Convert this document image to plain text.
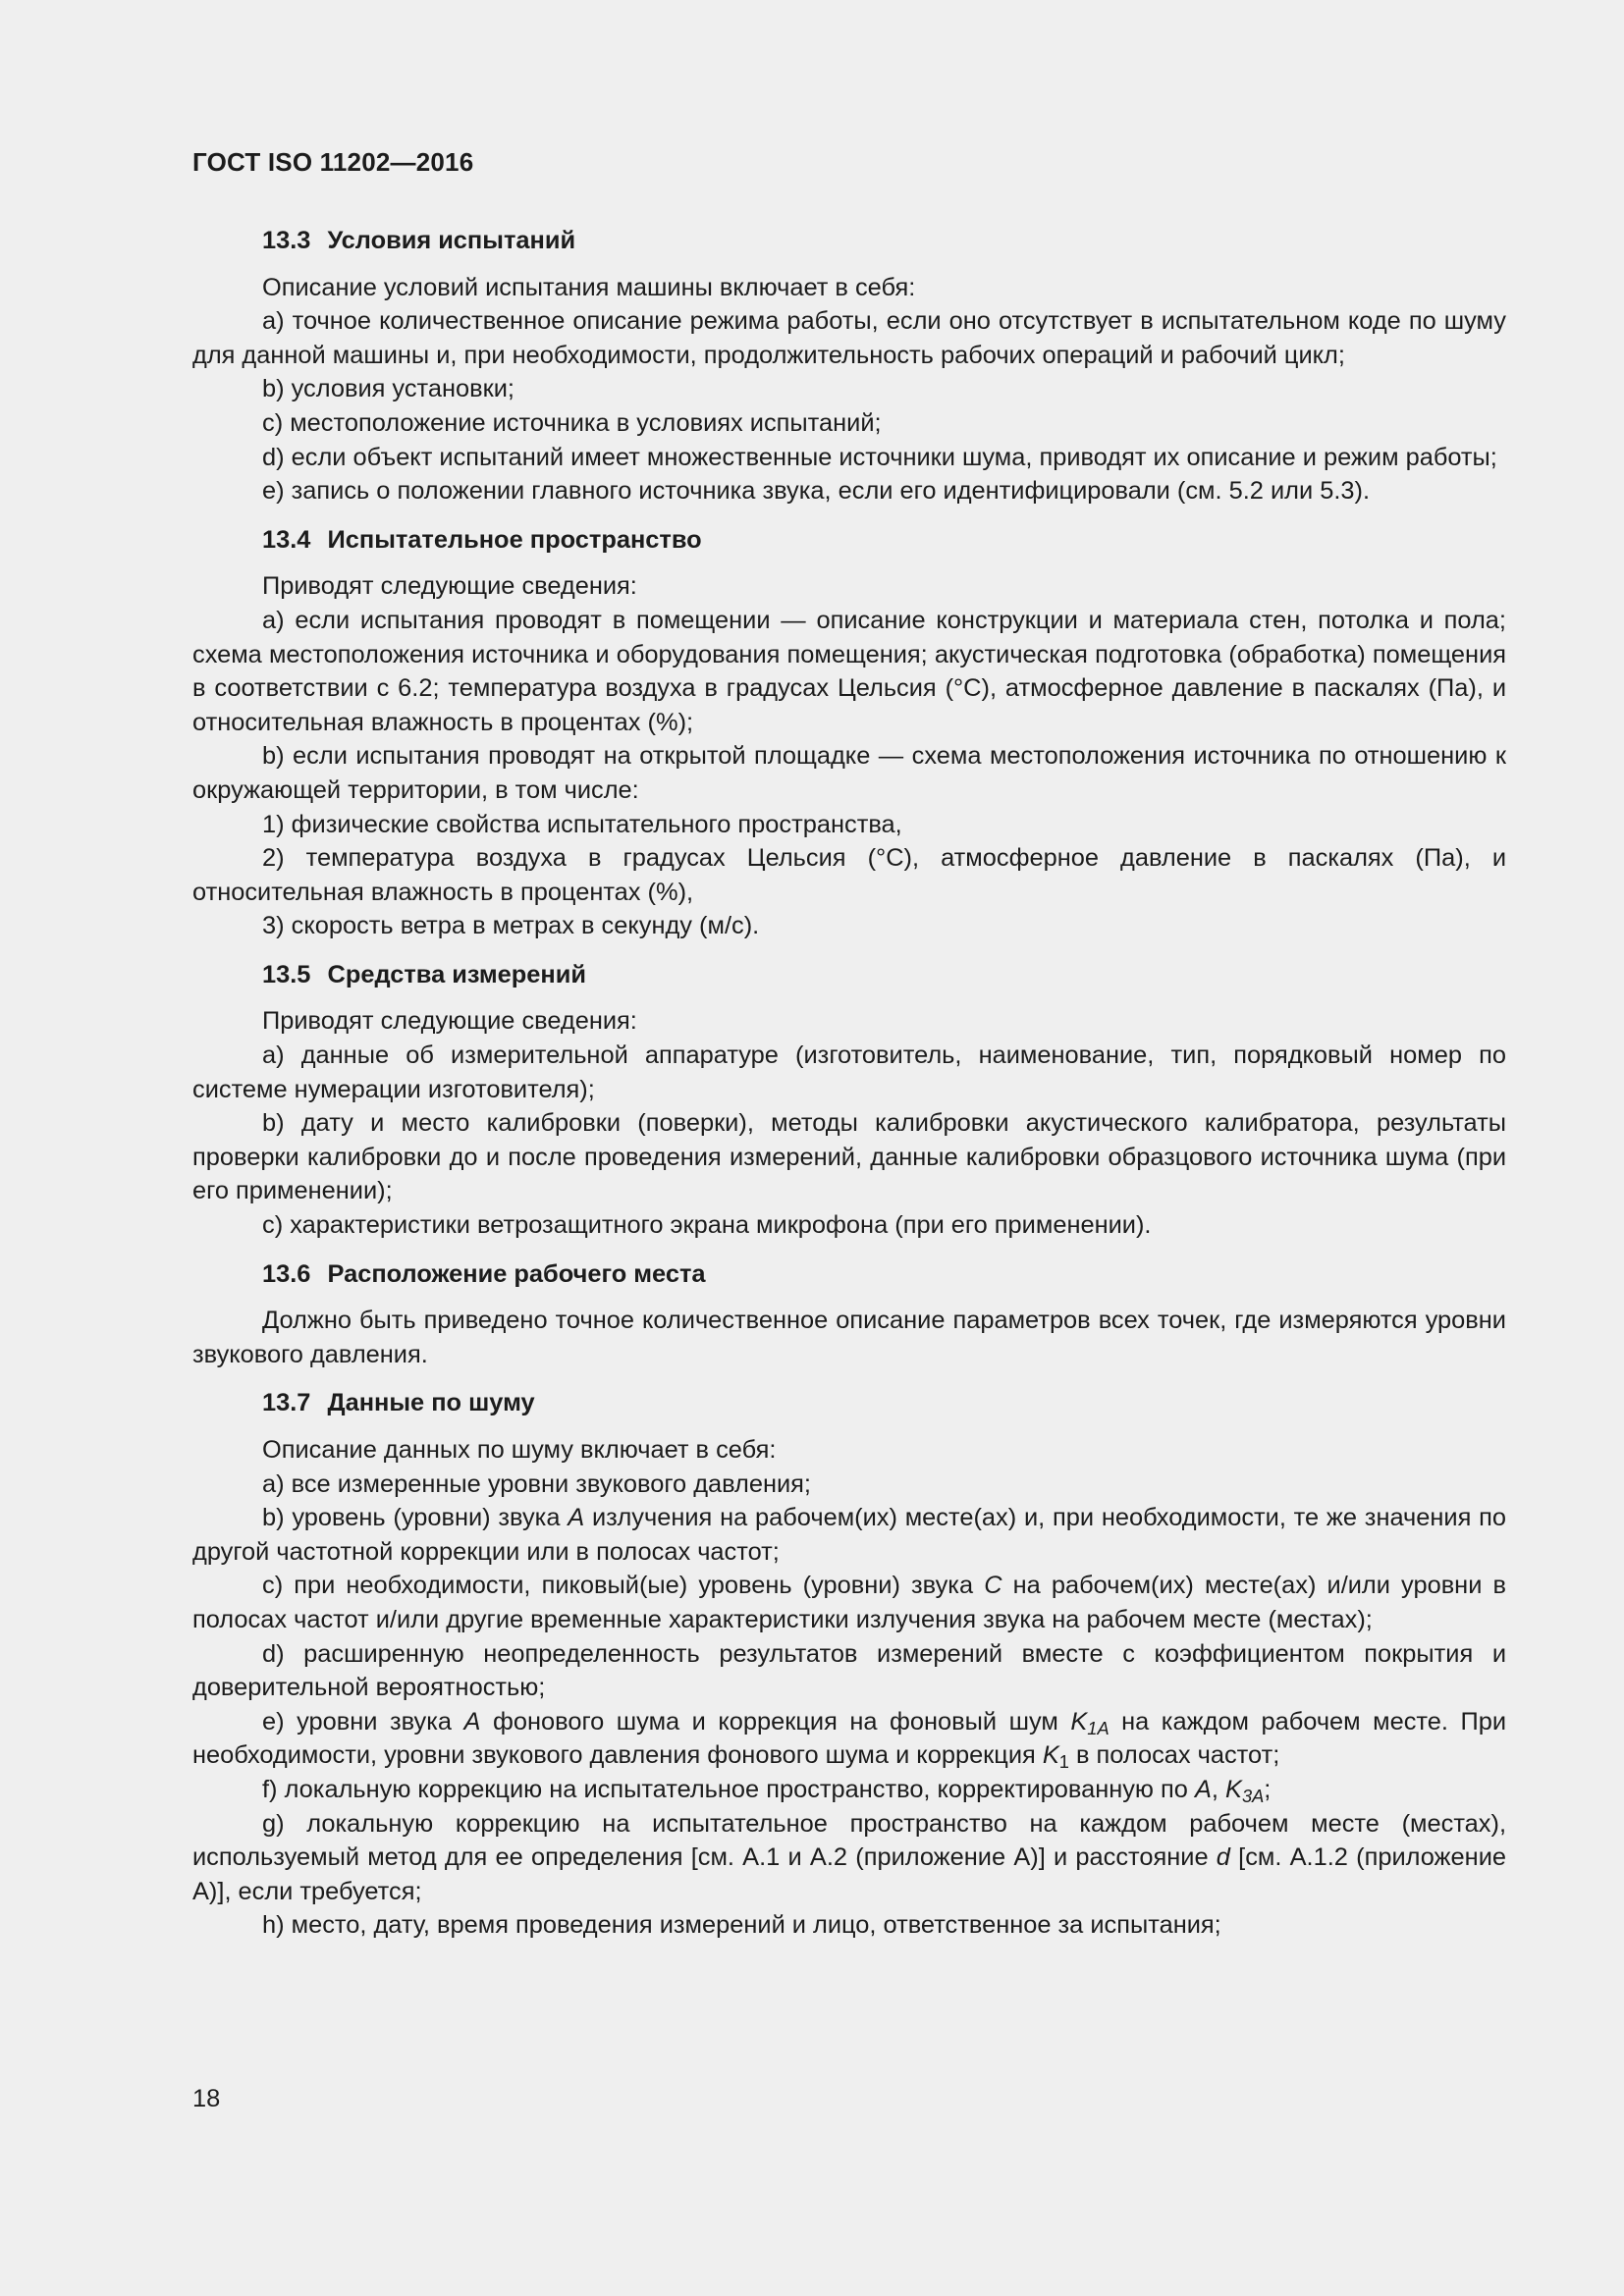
ГОСТ ISO 11202—2016
13.3 Условия испытаний

Описание условий испытания машины включает в себя:

a) точное количественное описание режима работы, если оно отсутствует в испытательном коде по шуму для данной машины и, при необходимости, продолжительность рабочих операций и рабочий цикл;

b) условия установки;

c) местоположение источника в условиях испытаний;

d) если объект испытаний имеет множественные источники шума, приводят их описание и режим работы;

e) запись о положении главного источника звука, если его идентифицировали (см. 5.2 или 5.3).

13.4 Испытательное пространство

Приводят следующие сведения:

a) если испытания проводят в помещении — описание конструкции и материала стен, потолка и пола; схема местоположения источника и оборудования помещения; акустическая подготовка (обработка) помещения в соответствии с 6.2; температура воздуха в градусах Цельсия (°С), атмосферное давление в паскалях (Па), и относительная влажность в процентах (%);

b) если испытания проводят на открытой площадке — схема местоположения источника по отношению к окружающей территории, в том числе:

1) физические свойства испытательного пространства,

2) температура воздуха в градусах Цельсия (°С), атмосферное давление в паскалях (Па), и относительная влажность в процентах (%),

3) скорость ветра в метрах в секунду (м/с).

13.5 Средства измерений

Приводят следующие сведения:

a) данные об измерительной аппаратуре (изготовитель, наименование, тип, порядковый номер по системе нумерации изготовителя);

b) дату и место калибровки (поверки), методы калибровки акустического калибратора, результаты проверки калибровки до и после проведения измерений, данные калибровки образцового источника шума (при его применении);

c) характеристики ветрозащитного экрана микрофона (при его применении).

13.6 Расположение рабочего места

Должно быть приведено точное количественное описание параметров всех точек, где измеряются уровни звукового давления.

13.7 Данные по шуму

Описание данных по шуму включает в себя:

a) все измеренные уровни звукового давления;

b) уровень (уровни) звука A излучения на рабочем(их) месте(ах) и, при необходимости, те же значения по другой частотной коррекции или в полосах частот;

c) при необходимости, пиковый(ые) уровень (уровни) звука C на рабочем(их) месте(ах) и/или уровни в полосах частот и/или другие временные характеристики излучения звука на рабочем месте (местах);

d) расширенную неопределенность результатов измерений вместе с коэффициентом покрытия и доверительной вероятностью;

e) уровни звука A фонового шума и коррекция на фоновый шум $K_{1A}$ на каждом рабочем месте. При необходимости, уровни звукового давления фонового шума и коррекция $K_1$ в полосах частот;

f) локальную коррекцию на испытательное пространство, корректированную по A, $K_{3A}$;

g) локальную коррекцию на испытательное пространство на каждом рабочем месте (местах), используемый метод для ее определения [см. А.1 и А.2 (приложение А)] и расстояние d [см. А.1.2 (приложение А)], если требуется;

h) место, дату, время проведения измерений и лицо, ответственное за испытания;

18
